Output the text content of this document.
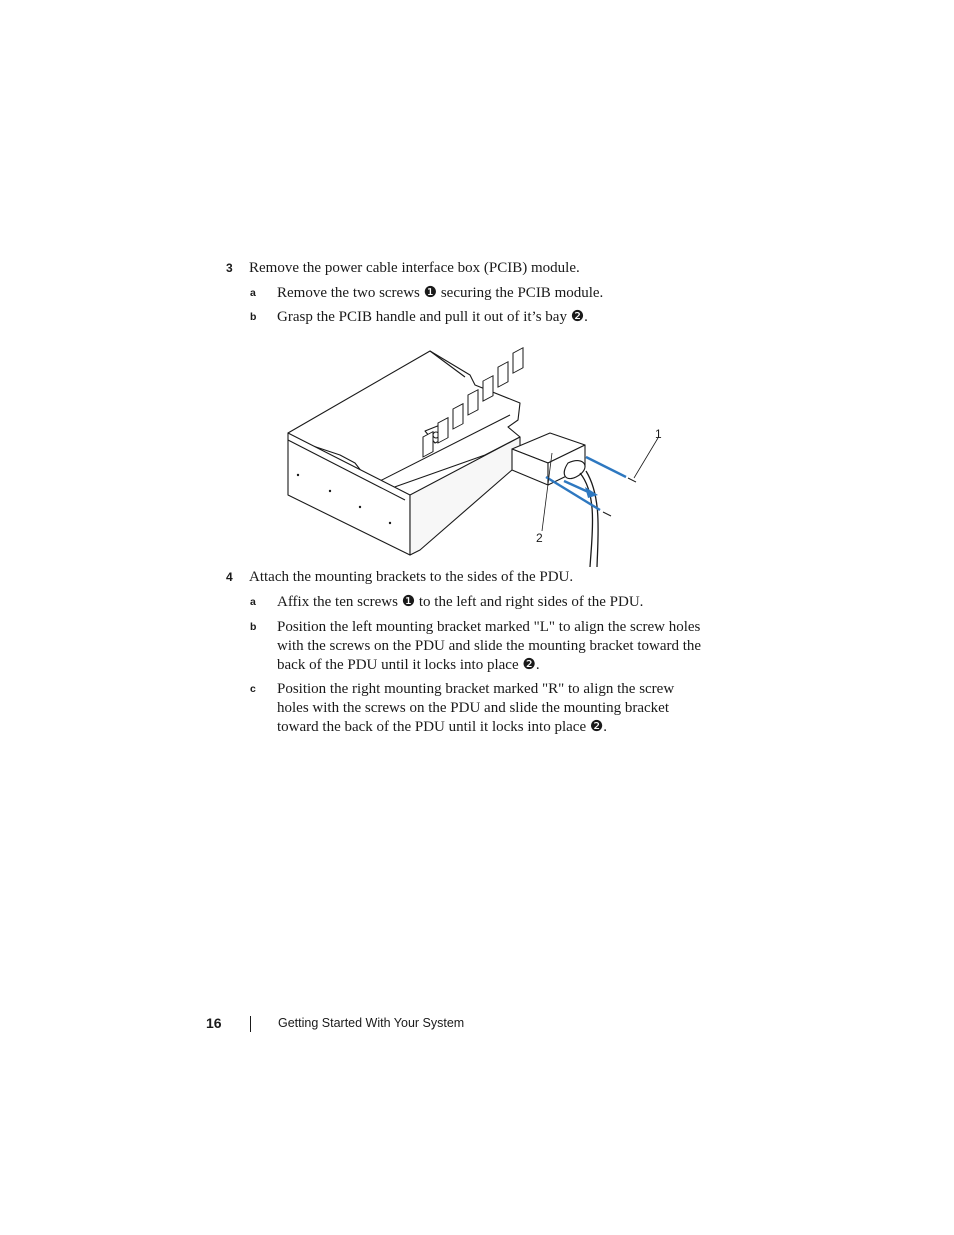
3 Remove the power cable interface box (PCIB) module.
a Remove the two screws ❶ securing the PCIB module.
b Grasp the PCIB handle and pull it out of it’s bay ❷.
1
2
4 Attach the mounting brackets to the sides of the PDU.
a Affix the ten screws ❶ to the left and right sides of the PDU.
b Position the left mounting bracket marked "L" to align the screw holes with the screws on the PDU and slide the mounting bracket toward the back of the PDU until it locks into place ❷.
c Position the right mounting bracket marked "R" to align the screw holes with the screws on the PDU and slide the mounting bracket toward the back of the PDU until it locks into place ❷.
16	Getting Started With Your System
